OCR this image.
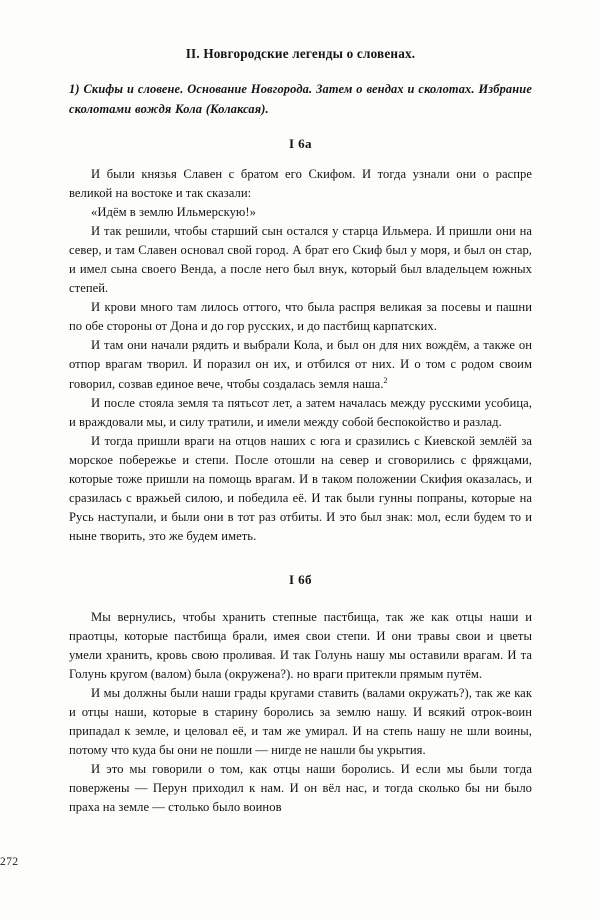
II. Новгородские легенды о словенах.

1) Скифы и словене. Основание Новгорода. Затем о вендах и сколотах. Избрание сколотами вождя Кола (Колаксая).

I 6а

И были князья Славен с братом его Скифом. И тогда узнали они о распре великой на востоке и так сказали:

«Идём в землю Ильмерскую!»

И так решили, чтобы старший сын остался у старца Ильмера. И пришли они на север, и там Славен основал свой город. А брат его Скиф был у моря, и был он стар, и имел сына своего Венда, а после него был внук, который был владельцем южных степей.

И крови много там лилось оттого, что была распря великая за посевы и пашни по обе стороны от Дона и до гор русских, и до пастбищ карпатских.

И там они начали рядить и выбрали Кола, и был он для них вождём, а также он отпор врагам творил. И поразил он их, и отбился от них. И о том с родом своим говорил, созвав единое вече, чтобы создалась земля наша.$^2$

И после стояла земля та пятьсот лет, а затем началась между русскими усобица, и враждовали мы, и силу тратили, и имели между собой беспокойство и разлад.

И тогда пришли враги на отцов наших с юга и сразились с Киевской землёй за морское побережье и степи. После отошли на север и сговорились с фряжцами, которые тоже пришли на помощь врагам. И в таком положении Скифия оказалась, и сразилась с вражьей силою, и победила её. И так были гунны попраны, которые на Русь наступали, и были они в тот раз отбиты. И это был знак: мол, если будем то и ныне творить, это же будем иметь.

I 6б

Мы вернулись, чтобы хранить степные пастбища, так же как отцы наши и праотцы, которые пастбища брали, имея свои степи. И они травы свои и цветы умели хранить, кровь свою проливая. И так Голунь нашу мы оставили врагам. И та Голунь кругом (валом) была (окружена?). но враги притекли прямым путём.

И мы должны были наши грады кругами ставить (валами окружать?), так же как и отцы наши, которые в старину боролись за землю нашу. И всякий отрок-воин припадал к земле, и целовал её, и там же умирал. И на степь нашу не шли воины, потому что куда бы они не пошли — нигде не нашли бы укрытия.

И это мы говорили о том, как отцы наши боролись. И если мы были тогда повержены — Перун приходил к нам. И он вёл нас, и тогда сколько бы ни было праха на земле — столько было воинов

272
